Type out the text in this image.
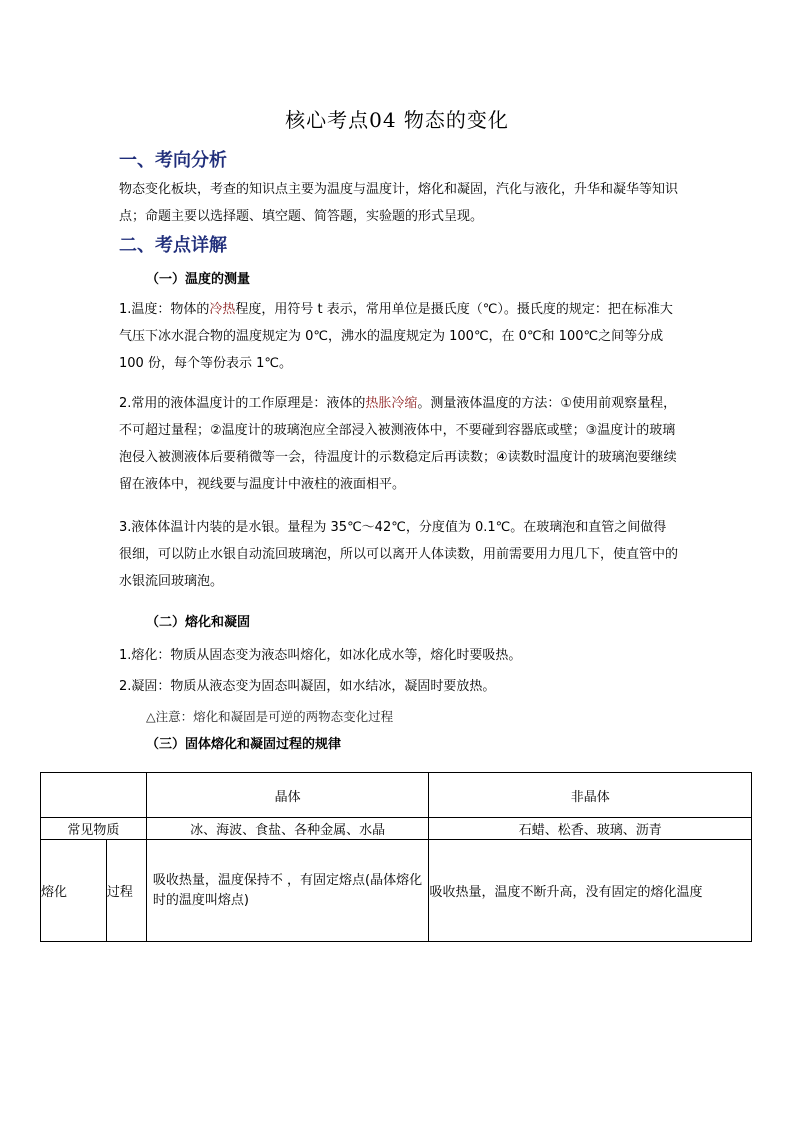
核心考点04 物态的变化
一、考向分析
物态变化板块，考查的知识点主要为温度与温度计，熔化和凝固，汽化与液化，升华和凝华等知识点；命题主要以选择题、填空题、简答题，实验题的形式呈现。
二、考点详解
（一）温度的测量
1.温度：物体的冷热程度，用符号 t 表示，常用单位是摄氏度（℃）。摄氏度的规定：把在标准大气压下冰水混合物的温度规定为 0℃，沸水的温度规定为 100℃，在 0℃和 100℃之间等分成 100 份，每个等份表示 1℃。
2.常用的液体温度计的工作原理是：液体的热胀冷缩。测量液体温度的方法：①使用前观察量程，不可超过量程；②温度计的玻璃泡应全部浸入被测液体中，不要碰到容器底或壁；③温度计的玻璃泡侵入被测液体后要稍微等一会，待温度计的示数稳定后再读数；④读数时温度计的玻璃泡要继续留在液体中，视线要与温度计中液柱的液面相平。
3.液体体温计内装的是水银。量程为 35℃～42℃，分度值为 0.1℃。在玻璃泡和直管之间做得很细，可以防止水银自动流回玻璃泡，所以可以离开人体读数，用前需要用力甩几下，使直管中的水银流回玻璃泡。
（二）熔化和凝固
1.熔化：物质从固态变为液态叫熔化，如冰化成水等，熔化时要吸热。
2.凝固：物质从液态变为固态叫凝固，如水结冰，凝固时要放热。
△注意：熔化和凝固是可逆的两物态变化过程
（三）固体熔化和凝固过程的规律
		晶体	非晶体
常见物质		冰、海波、食盐、各种金属、水晶	石蜡、松香、玻璃、沥青
熔化	过程	吸收热量，温度保持不 ，有固定熔点(晶体熔化时的温度叫熔点)	吸收热量，温度不断升高，没有固定的熔化温度
